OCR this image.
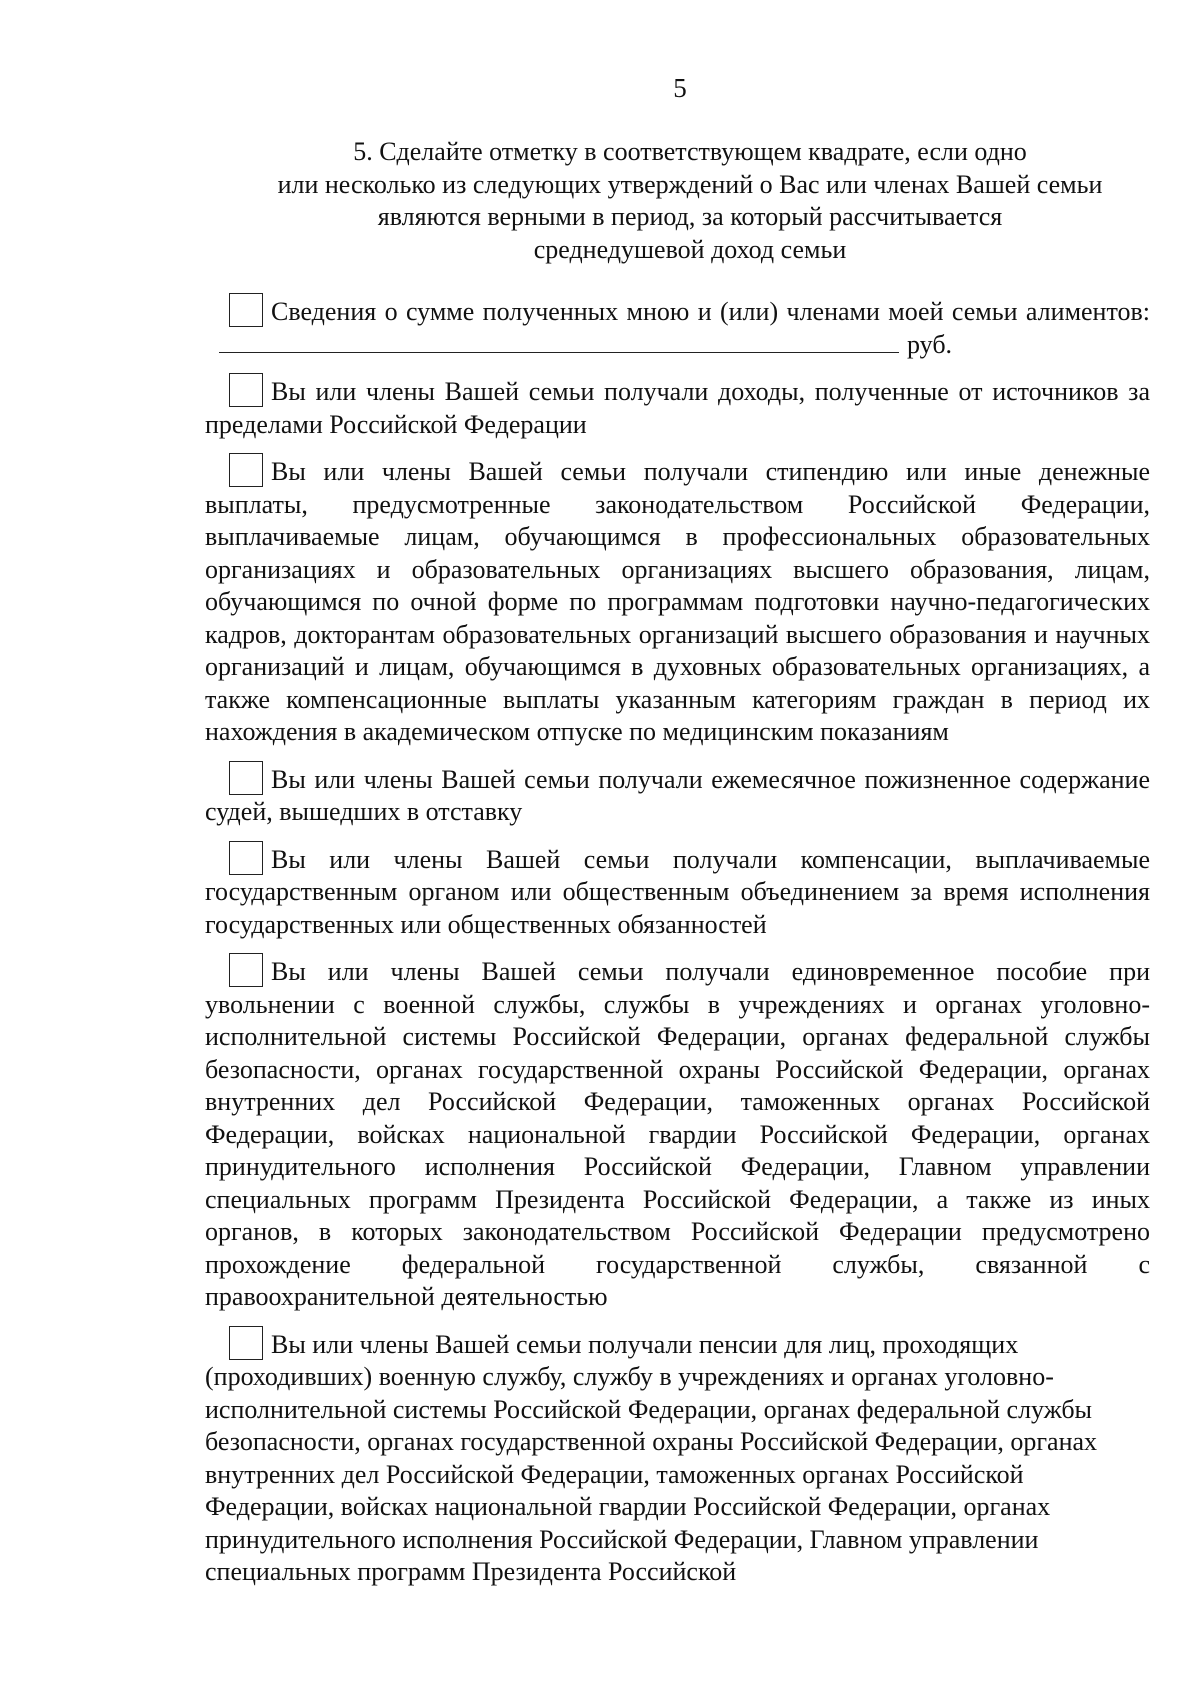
5
5. Сделайте отметку в соответствующем квадрате, если одно
или несколько из следующих утверждений о Вас или членах Вашей семьи
являются верными в период, за который рассчитывается
среднедушевой доход семьи
Сведения о сумме полученных мною и (или) членами моей семьи алиментов:руб.
Вы или члены Вашей семьи получали доходы, полученные от источников за пределами Российской Федерации
Вы или члены Вашей семьи получали стипендию или иные денежные выплаты, предусмотренные законодательством Российской Федерации, выплачиваемые лицам, обучающимся в профессиональных образовательных организациях и образовательных организациях высшего образования, лицам, обучающимся по очной форме по программам подготовки научно-педагогических кадров, докторантам образовательных организаций высшего образования и научных организаций и лицам, обучающимся в духовных образовательных организациях, а также компенсационные выплаты указанным категориям граждан в период их нахождения в академическом отпуске по медицинским показаниям
Вы или члены Вашей семьи получали ежемесячное пожизненное содержание судей, вышедших в отставку
Вы или члены Вашей семьи получали компенсации, выплачиваемые государственным органом или общественным объединением за время исполнения государственных или общественных обязанностей
Вы или члены Вашей семьи получали единовременное пособие при увольнении с военной службы, службы в учреждениях и органах уголовно-исполнительной системы Российской Федерации, органах федеральной службы безопасности, органах государственной охраны Российской Федерации, органах внутренних дел Российской Федерации, таможенных органах Российской Федерации, войсках национальной гвардии Российской Федерации, органах принудительного исполнения Российской Федерации, Главном управлении специальных программ Президента Российской Федерации, а также из иных органов, в которых законодательством Российской Федерации предусмотрено прохождение федеральной государственной службы, связанной с правоохранительной деятельностью
Вы или члены Вашей семьи получали пенсии для лиц, проходящих (проходивших) военную службу, службу в учреждениях и органах уголовно-исполнительной системы Российской Федерации, органах федеральной службы безопасности, органах государственной охраны Российской Федерации, органах внутренних дел Российской Федерации, таможенных органах Российской Федерации, войсках национальной гвардии Российской Федерации, органах принудительного исполнения Российской Федерации, Главном управлении специальных программ Президента Российской
